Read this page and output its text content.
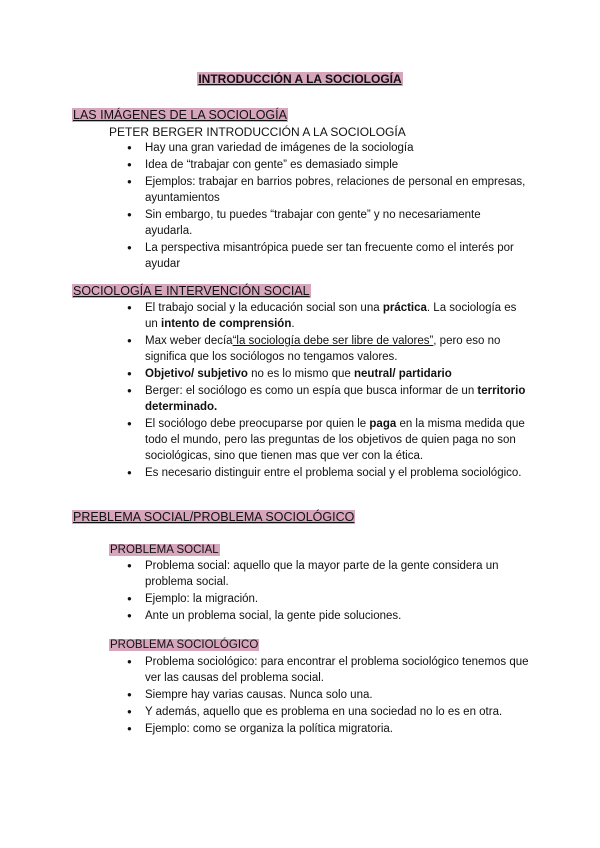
INTRODUCCIÓN A LA SOCIOLOGÍA
LAS IMÁGENES DE LA SOCIOLOGÍA
PETER BERGER INTRODUCCIÓN A LA SOCIOLOGÍA
● Hay una gran variedad de imágenes de la sociología
● Idea de “trabajar con gente” es demasiado simple
● Ejemplos: trabajar en barrios pobres, relaciones de personal en empresas, ayuntamientos
● Sin embargo, tu puedes “trabajar con gente” y no necesariamente ayudarla.
● La perspectiva misantrópica puede ser tan frecuente como el interés por ayudar
SOCIOLOGÍA E INTERVENCIÓN SOCIAL
● El trabajo social y la educación social son una práctica. La sociología es un intento de comprensión.
● Max weber decía“la sociología debe ser libre de valores”, pero eso no significa que los sociólogos no tengamos valores.
● Objetivo/ subjetivo no es lo mismo que neutral/ partidario
● Berger: el sociólogo es como un espía que busca informar de un territorio determinado.
● El sociólogo debe preocuparse por quien le paga en la misma medida que todo el mundo, pero las preguntas de los objetivos de quien paga no son sociológicas, sino que tienen mas que ver con la ética.
● Es necesario distinguir entre el problema social y el problema sociológico.
PREBLEMA SOCIAL/PROBLEMA SOCIOLÓGICO
PROBLEMA SOCIAL
● Problema social: aquello que la mayor parte de la gente considera un problema social.
● Ejemplo: la migración.
● Ante un problema social, la gente pide soluciones.
PROBLEMA SOCIOLÓGICO
● Problema sociológico: para encontrar el problema sociológico tenemos que ver las causas del problema social.
● Siempre hay varias causas. Nunca solo una.
● Y además, aquello que es problema en una sociedad no lo es en otra.
● Ejemplo: como se organiza la política migratoria.
